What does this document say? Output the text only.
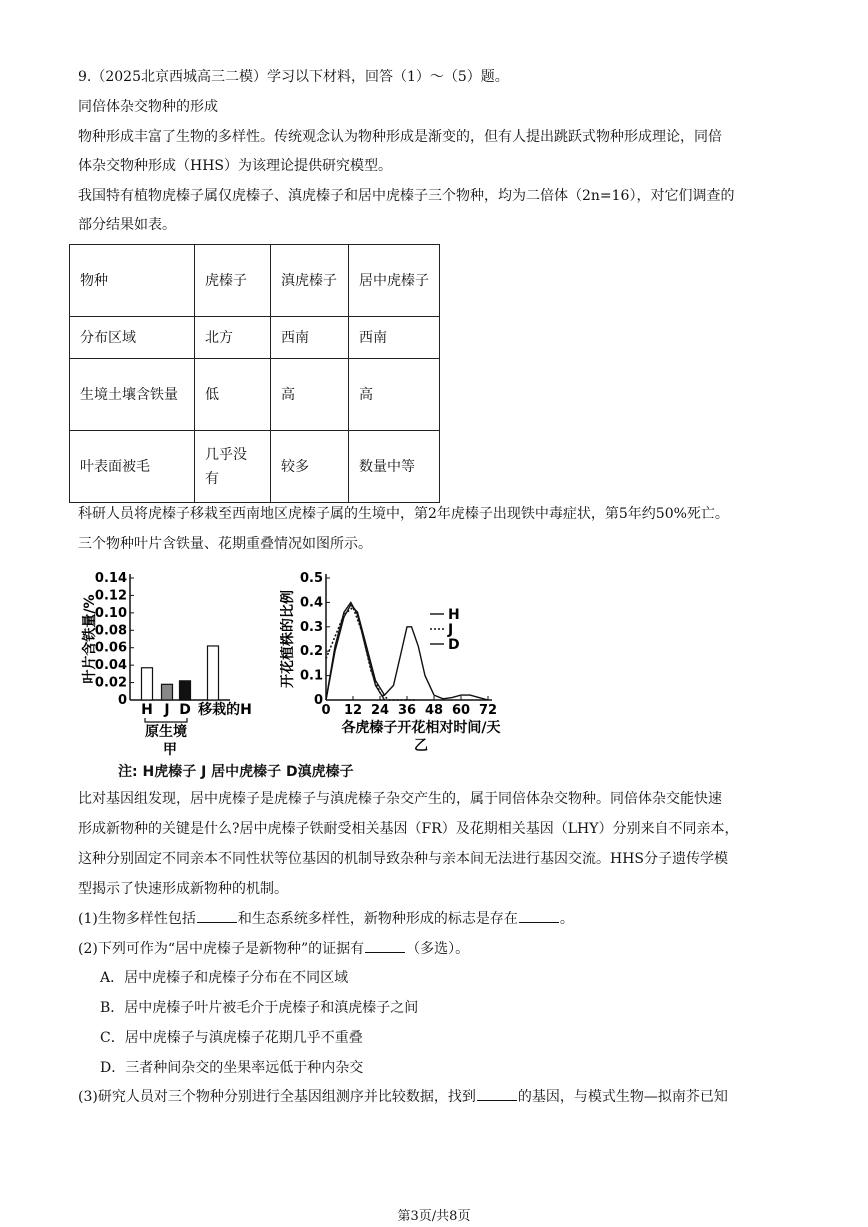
9.（2025北京西城高三二模）学习以下材料，回答（1）～（5）题。
同倍体杂交物种的形成
物种形成丰富了生物的多样性。传统观念认为物种形成是渐变的，但有人提出跳跃式物种形成理论，同倍
体杂交物种形成（HHS）为该理论提供研究模型。
我国特有植物虎榛子属仅虎榛子、滇虎榛子和居中虎榛子三个物种，均为二倍体（2n=16），对它们调查的
部分结果如表。
物种	虎榛子	滇虎榛子	居中虎榛子
分布区域	北方	西南	西南
生境土壤含铁量	低	高	高
叶表面被毛	几乎没有	较多	数量中等
科研人员将虎榛子移栽至西南地区虎榛子属的生境中，第2年虎榛子出现铁中毒症状，第5年约50%死亡。
三个物种叶片含铁量、花期重叠情况如图所示。
0.14
0.12
0.10
0.08
0.06
0.04
0.02
0
叶片含铁量/%
H J D 移栽的H
原生境
甲
0.5
0.4
0.3
0.2
0.1
0
0 12 24 36 48 60 72
开花植株的比例
各虎榛子开花相对时间/天
乙
H
J
D
注: H虎榛子 J 居中虎榛子 D滇虎榛子
比对基因组发现，居中虎榛子是虎榛子与滇虎榛子杂交产生的，属于同倍体杂交物种。同倍体杂交能快速
形成新物种的关键是什么?居中虎榛子铁耐受相关基因（FR）及花期相关基因（LHY）分别来自不同亲本，
这种分别固定不同亲本不同性状等位基因的机制导致杂种与亲本间无法进行基因交流。HHS分子遗传学模
型揭示了快速形成新物种的机制。
(1)生物多样性包括	和生态系统多样性，新物种形成的标志是存在	。
(2)下列可作为“居中虎榛子是新物种”的证据有	（多选）。
A．居中虎榛子和虎榛子分布在不同区域
B．居中虎榛子叶片被毛介于虎榛子和滇虎榛子之间
C．居中虎榛子与滇虎榛子花期几乎不重叠
D．三者种间杂交的坐果率远低于种内杂交
(3)研究人员对三个物种分别进行全基因组测序并比较数据，找到	的基因，与模式生物—拟南芥已知
第3页/共8页
